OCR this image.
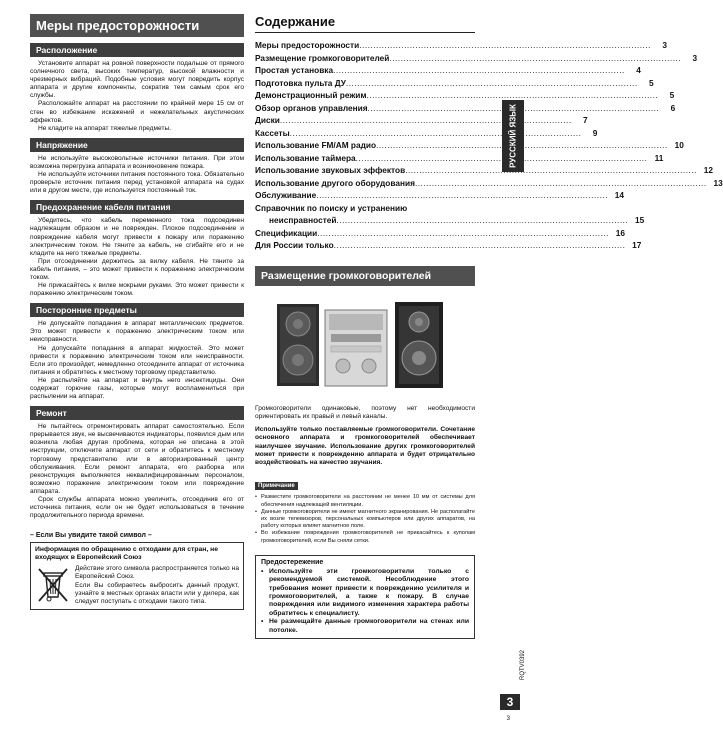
Меры предосторожности
Расположение

Установите аппарат на ровной поверхности подальше от прямого солнечного света, высоких температур, высокой влажности и чрезмерных вибраций. Подобные условия могут повредить корпус аппарата и другие компоненты, сократив тем самым срок его службы.

Расположайте аппарат на расстоянии по крайней мере 15 см от стен во избежание искажений и нежелательных акустических эффектов.

Не кладите на аппарат тяжелые предметы.

Напряжение

Не используйте высоковольтные источники питания. При этом возможна перегрузка аппарата и возникновение пожара.

Не используйте источники питания постоянного тока. Обязательно проверьте источник питания перед установкой аппарата на судах или в другом месте, где используется постоянный ток.

Предохранение кабеля питания

Убедитесь, что кабель переменного тока подсоединен надлежащим образом и не поврежден. Плохое подсоединение и повреждение кабеля могут привести к пожару или поражению электрическим током. Не тяните за кабель, не сгибайте его и не кладите на него тяжелые предметы.

При отсоединении держитесь за вилку кабеля. Не тяните за кабель питания, – это может привести к поражению электрическим током.

Не прикасайтесь к вилке мокрыми руками. Это может привести к поражению электрическим током.

Посторонние предметы

Не допускайте попадания в аппарат металлических предметов. Это может привести к поражению электрическим током или неисправности.

Не допускайте попадания в аппарат жидкостей. Это может привести к поражению электрическим током или неисправности. Если это произойдет, немедленно отсоедините аппарат от источника питания и обратитесь к местному торговому представителю.

Не распыляйте на аппарат и внутрь него инсектициды. Они содержат горючие газы, которые могут воспламениться при распылении на аппарат.

Ремонт

Не пытайтесь отремонтировать аппарат самостоятельно. Если прерывается звук, не высвечиваются индикаторы, появился дым или возникла любая другая проблема, которая не описана в этой инструкции, отключите аппарат от сети и обратитесь к местному торговому представителю или в авторизированный центр обслуживания. Если ремонт аппарата, его разборка или реконструкция выполняется неквалифицированным персоналом, возможно поражение электрическим током или повреждение аппарата.

Срок службы аппарата можно увеличить, отсоединив его от источника питания, если он не будет использоваться в течение продолжительного периода времени.

– Если Вы увидите такой символ –
Информация по обращению с отходами для стран, не входящих в Европейский Союз

Действие этого символа распространяется только на Европейский Союз.

Если Вы собираетесь выбросить данный продукт, узнайте в местных органах власти или у дилера, как следует поступать с отходами такого типа.

Содержание
Меры предосторожности .....	3
Размещение громкоговорителей .....	3
Простая установка .....	4
Подготовка пульта ДУ .....	5
Демонстрационный режим .....	5
Обзор органов управления .....	6
Диски .....	7
Кассеты .....	9
Использование FM/AM радио .....	10
Использование таймера .....	11
Использование звуковых эффектов .....	12
Использование другого оборудования .....	13
Обслуживание .....	14
Справочник по поиску и устранению
неисправностей .....	15
Спецификации .....	16
Для России только .....	17
Размещение громкоговорителей

Громкоговорители одинаковые, поэтому нет необходимости ориентировать их правый и левый каналы.

Используйте только поставляемые громкоговорители. Сочетание основного аппарата и громкоговорителей обеспечивает наилучшее звучание. Использование других громкоговорителей может привести к повреждению аппарата и будет отрицательно воздействовать на качество звучания.

Примечание
• Разместите громкоговорители на расстоянии не менее 10 мм от системы для обеспечения надлежащей вентиляции.
• Данные громкоговорители не имеют магнитного экранирования. Не располагайте их возле телевизоров, персональных компьютеров или других аппаратов, на работу которых влияет магнитное поле.
• Во избежание повреждения громкоговорителей не прикасайтесь к куполам громкоговорителей, если Вы сняли сетки.
Предостережение
• Используйте эти громкоговорители только с рекомендуемой системой. Несоблюдение этого требования может привести к повреждению усилителя и громкоговорителей, а также к пожару. В случае повреждения или видимого изменения характера работы обратитесь к специалисту.
• Не размещайте данные громкоговорители на стенах или потолке.
РУССКИЙ ЯЗЫК
RQTV0392
3
3
